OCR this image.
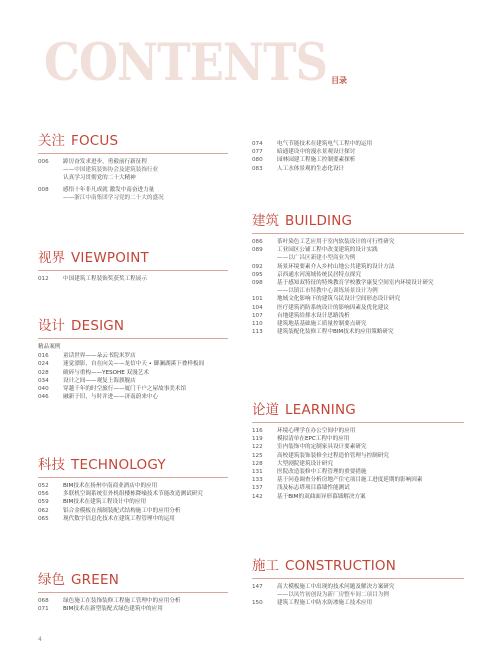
CONTENTS 目录
关注 FOCUS
006	踔厉奋发求进步，勇毅前行新征程
——中国建筑装饰协会及建筑装饰行业
认真学习贯彻党的二十大精神
008	感悟十年非凡成就 激发中南奋进力量
——浙江中南集团学习党的二十大的盛况
视界 VIEWPOINT
012	中国建筑工程装饰奖获奖工程展示
设计 DESIGN
精品案例
016	童话世界——朵云书院米罗店
024	迷觉漂影，自在向关——龙信中天 • 御澜湖溪下叠样板间
028	破碎与重构——YESOHE 双漫艺术
034	设计之间——观复上海旗舰店
040	穿越千年的时空旅行——厦门千户之屋故事美术馆
046	融新于旧，与时并进——济南蔚来中心
科技 TECHNOLOGY
052	BIM技术在扬州中南商业酒店中的应用
056	多联机空调系统室外机组楼栋降噪技术节能改造测试研究
059	BIM技术在建筑工程设计中的应用
062	铝合金模板在预制装配式结构施工中的应用分析
065	现代数字信息化技术在建筑工程管理中的运用
绿色 GREEN
068	绿色施工在装饰装修工程施工管理中的应用分析
071	BIM技术在新型装配式绿色建筑中的应用
074	电气节能技术在建筑电气工程中的运用
077	暗通建设中的漫水景观设计探讨
080	园林园建工程施工控制要素探析
083	人工水体景观的生态化设计
建筑 BUILDING
086	茶叶染色工艺应用于室内软装设计的可行性研究
089	工业园区公铺工程中改变建筑的设计实践
——以广昌区新建小型商业为例
092	场景环境要素介入乡村山地公共建筑的设计方法
095	京西通水河流域传统民居特点探究
098	基于感知双特征的特殊教育学校教学康复空间室内环境设计研究
——以镇江市特教中心训练场景设计为例
101	地域文化影响下的建筑乌民设计空间形态设计研究
104	医疗建筑消防系统设计的影响因素及优化建议
107	台地建筑给排水设计思路浅析
110	建筑地基基础施工质量控制要点研究
113	建筑装配化装修工程中BIM技术的应用策略研究
论道 LEARNING
116	环境心理学在办公空间中的应用
119	模拟清单在EPC工程中的应用
122	室内装饰中的定制家具设计要素研究
125	高校建筑装饰装修全过程造价管理与控制研究
128	大型剧院建筑设计研究
131	医院改造装修中工程管理的重要措施
133	基于问卷调查分析房地产住宅项目施工进度延期的影响因素
137	浅及标志塔项目幕墙性能测试
142	基于BIM的双曲面异形幕墙解决方案
施工 CONSTRUCTION
147	高大模板施工中出现的技术问题及解决方案研究
——以凤竹初创设为新厂房整车间二项目为例
150	建筑工程施工中防水防渗施工技术应用
4
